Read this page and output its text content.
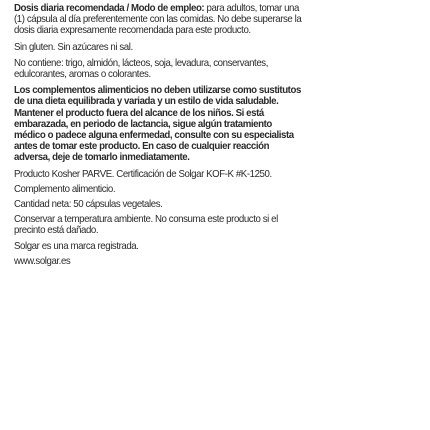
Dosis diaria recomendada / Modo de empleo: para adultos, tomar una (1) cápsula al día preferentemente con las comidas. No debe superarse la dosis diaria expresamente recomendada para este producto.
Sin gluten. Sin azúcares ni sal.
No contiene: trigo, almidón, lácteos, soja, levadura, conservantes, edulcorantes, aromas o colorantes.
Los complementos alimenticios no deben utilizarse como sustitutos de una dieta equilibrada y variada y un estilo de vida saludable. Mantener el producto fuera del alcance de los niños. Si está embarazada, en periodo de lactancia, sigue algún tratamiento médico o padece alguna enfermedad, consulte con su especialista antes de tomar este producto. En caso de cualquier reacción adversa, deje de tomarlo inmediatamente.
Producto Kosher PARVE. Certificación de Solgar KOF-K #K-1250.
Complemento alimenticio.
Cantidad neta: 50 cápsulas vegetales.
Conservar a temperatura ambiente. No consuma este producto si el precinto está dañado.
Solgar es una marca registrada.
www.solgar.es
